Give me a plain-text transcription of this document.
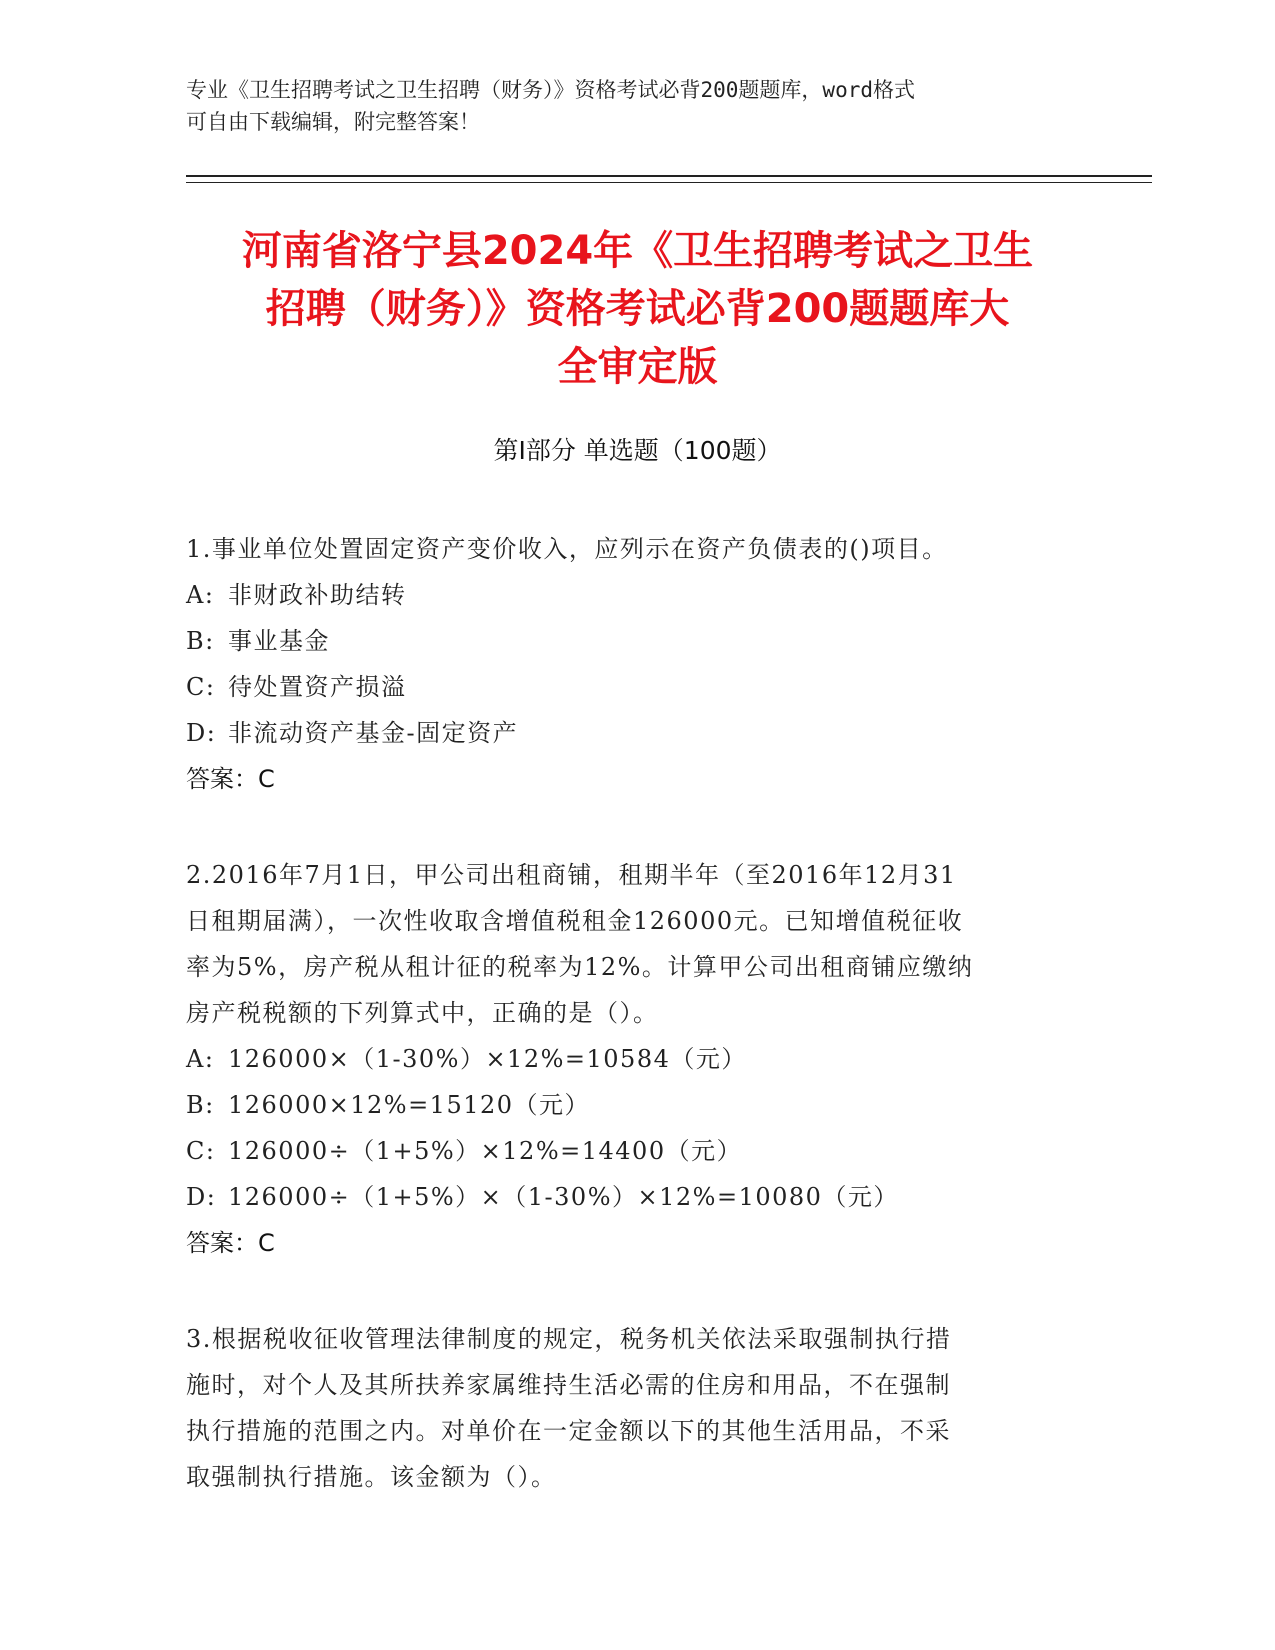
专业《卫生招聘考试之卫生招聘（财务）》资格考试必背200题题库，word格式
可自由下载编辑，附完整答案！
河南省洛宁县2024年《卫生招聘考试之卫生
招聘（财务）》资格考试必背200题题库大
全审定版
第Ⅰ部分 单选题（100题）
1.事业单位处置固定资产变价收入，应列示在资产负债表的()项目。
A: 非财政补助结转
B: 事业基金
C: 待处置资产损溢
D: 非流动资产基金-固定资产
答案：C
2.2016年7月1日，甲公司出租商铺，租期半年（至2016年12月31
日租期届满），一次性收取含增值税租金126000元。已知增值税征收
率为5%，房产税从租计征的税率为12%。计算甲公司出租商铺应缴纳
房产税税额的下列算式中，正确的是（）。
A: 126000×（1-30%）×12%=10584（元）
B: 126000×12%=15120（元）
C: 126000÷（1+5%）×12%=14400（元）
D: 126000÷（1+5%）×（1-30%）×12%=10080（元）
答案：C
3.根据税收征收管理法律制度的规定，税务机关依法采取强制执行措
施时，对个人及其所扶养家属维持生活必需的住房和用品，不在强制
执行措施的范围之内。对单价在一定金额以下的其他生活用品，不采
取强制执行措施。该金额为（）。
